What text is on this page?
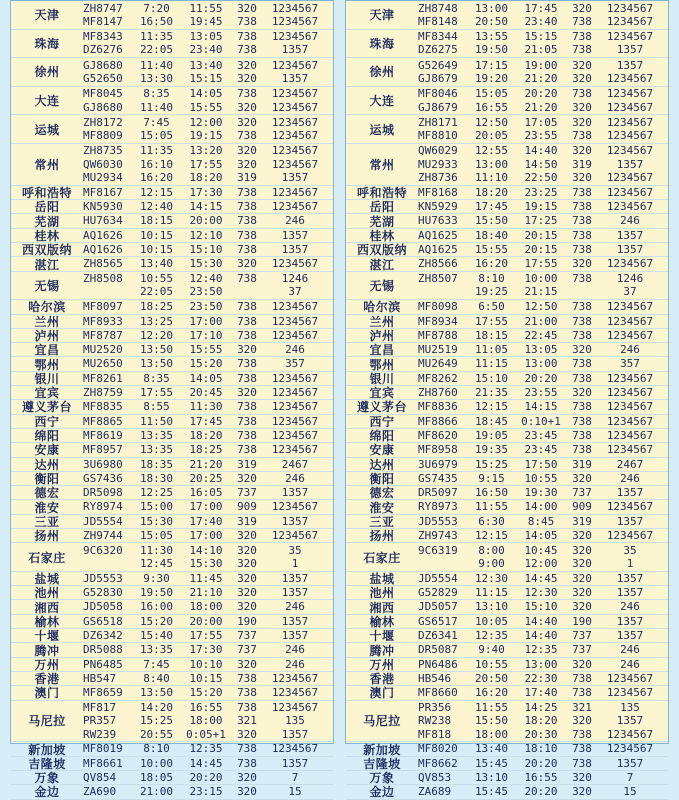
天津
ZH8747	7:20	11:55	320	1234567
MF8147	16:50	19:45	738	1234567
珠海
MF8343	11:35	13:05	738	1234567
DZ6276	22:05	23:40	738	1357
徐州
GJ8680	11:40	13:40	320	1234567
G52650	13:30	15:15	320	1357
大连
MF8045	8:35	14:05	738	1234567
GJ8680	11:40	15:55	320	1234567
运城
ZH8172	7:45	12:00	320	1234567
MF8809	15:05	19:15	738	1234567
常州
ZH8735	11:35	13:20	320	1234567
QW6030	16:10	17:55	320	1234567
MU2934	16:20	18:20	319	1357
呼和浩特	MF8167	12:15	17:30	738	1234567
岳阳	KN5930	12:40	14:15	738	1234567
芜湖	HU7634	18:15	20:00	738	246
桂林	AQ1626	10:15	12:10	738	1357
西双版纳	AQ1626	10:15	15:10	738	1357
湛江	ZH8565	13:40	15:30	320	1234567
无锡
ZH8508	10:55	12:40	738	1246
22:05	23:50	37
哈尔滨	MF8097	18:25	23:50	738	1234567
兰州	MF8933	13:25	17:00	738	1234567
泸州	MF8787	12:20	17:10	738	1234567
宜昌	MU2520	13:50	15:55	320	246
鄂州	MU2650	13:50	15:20	738	357
银川	MF8261	8:35	14:05	738	1234567
宜宾	ZH8759	17:55	20:45	320	1234567
遵义茅台	MF8835	8:55	11:30	738	1234567
西宁	MF8865	11:50	17:45	738	1234567
绵阳	MF8619	13:35	18:20	738	1234567
安康	MF8957	13:35	18:25	738	1234567
达州	3U6980	18:35	21:20	319	2467
衡阳	GS7436	18:30	20:25	320	246
德宏	DR5098	12:25	16:05	737	1357
淮安	RY8974	15:00	17:00	909	1234567
三亚	JD5554	15:30	17:40	319	1357
扬州	ZH9744	15:05	17:00	320	1234567
石家庄
9C6320	11:30	14:10	320	35
12:45	15:30	320	1
盐城	JD5553	9:30	11:45	320	1357
池州	G52830	19:50	21:10	320	1357
湘西	JD5058	16:00	18:00	320	246
榆林	GS6518	15:20	20:00	190	1357
十堰	DZ6342	15:40	17:55	737	1357
腾冲	DR5088	13:35	17:30	737	246
万州	PN6485	7:45	10:10	320	246
香港	HB547	8:40	10:15	738	1234567
澳门	MF8659	13:50	15:20	738	1234567
马尼拉
MF817	14:20	16:55	738	1234567
PR357	15:25	18:00	321	135
RW239	20:55	0:05+1	320	1357
新加坡	MF8019	8:10	12:35	738	1234567
吉隆坡	MF8661	10:00	14:45	738	1357
万象	QV854	18:05	20:20	320	7
金边	ZA690	21:00	23:15	320	15
天津
ZH8748	13:00	17:45	320	1234567
MF8148	20:50	23:40	738	1234567
珠海
MF8344	13:55	15:15	738	1234567
DZ6275	19:50	21:05	738	1357
徐州
G52649	17:15	19:00	320	1357
GJ8679	19:20	21:20	320	1234567
大连
MF8046	15:05	20:20	738	1234567
GJ8679	16:55	21:20	320	1234567
运城
ZH8171	12:50	17:05	320	1234567
MF8810	20:05	23:55	738	1234567
常州
QW6029	12:55	14:40	320	1234567
MU2933	13:00	14:50	319	1357
ZH8736	11:10	22:50	320	1234567
呼和浩特	MF8168	18:20	23:25	738	1234567
岳阳	KN5929	17:45	19:15	738	1234567
芜湖	HU7633	15:50	17:25	738	246
桂林	AQ1625	18:40	20:15	738	1357
西双版纳	AQ1625	15:55	20:15	738	1357
湛江	ZH8566	16:20	17:55	320	1234567
无锡
ZH8507	8:10	10:00	738	1246
19:25	21:15	37
哈尔滨	MF8098	6:50	12:50	738	1234567
兰州	MF8934	17:55	21:00	738	1234567
泸州	MF8788	18:15	22:45	738	1234567
宜昌	MU2519	11:05	13:05	320	246
鄂州	MU2649	11:15	13:00	738	357
银川	MF8262	15:10	20:20	738	1234567
宜宾	ZH8760	21:35	23:55	320	1234567
遵义茅台	MF8836	12:15	14:15	738	1234567
西宁	MF8866	18:45	0:10+1	738	1234567
绵阳	MF8620	19:05	23:45	738	1234567
安康	MF8958	19:35	23:45	738	1234567
达州	3U6979	15:25	17:50	319	2467
衡阳	GS7435	9:15	10:55	320	246
德宏	DR5097	16:50	19:30	737	1357
淮安	RY8973	11:55	14:00	909	1234567
三亚	JD5553	6:30	8:45	319	1357
扬州	ZH9743	12:15	14:05	320	1234567
石家庄
9C6319	8:00	10:45	320	35
9:00	12:00	320	1
盐城	JD5554	12:30	14:45	320	1357
池州	G52829	11:15	12:30	320	1357
湘西	JD5057	13:10	15:10	320	246
榆林	GS6517	10:05	14:40	190	1357
十堰	DZ6341	12:35	14:40	737	1357
腾冲	DR5087	9:40	12:35	737	246
万州	PN6486	10:55	13:00	320	246
香港	HB546	20:50	22:30	738	1234567
澳门	MF8660	16:20	17:40	738	1234567
马尼拉
PR356	11:55	14:25	321	135
RW238	15:50	18:20	320	1357
MF818	18:00	20:30	738	1234567
新加坡	MF8020	13:40	18:10	738	1234567
吉隆坡	MF8662	15:45	20:20	738	1357
万象	QV853	13:10	16:55	320	7
金边	ZA689	15:45	20:20	320	15
